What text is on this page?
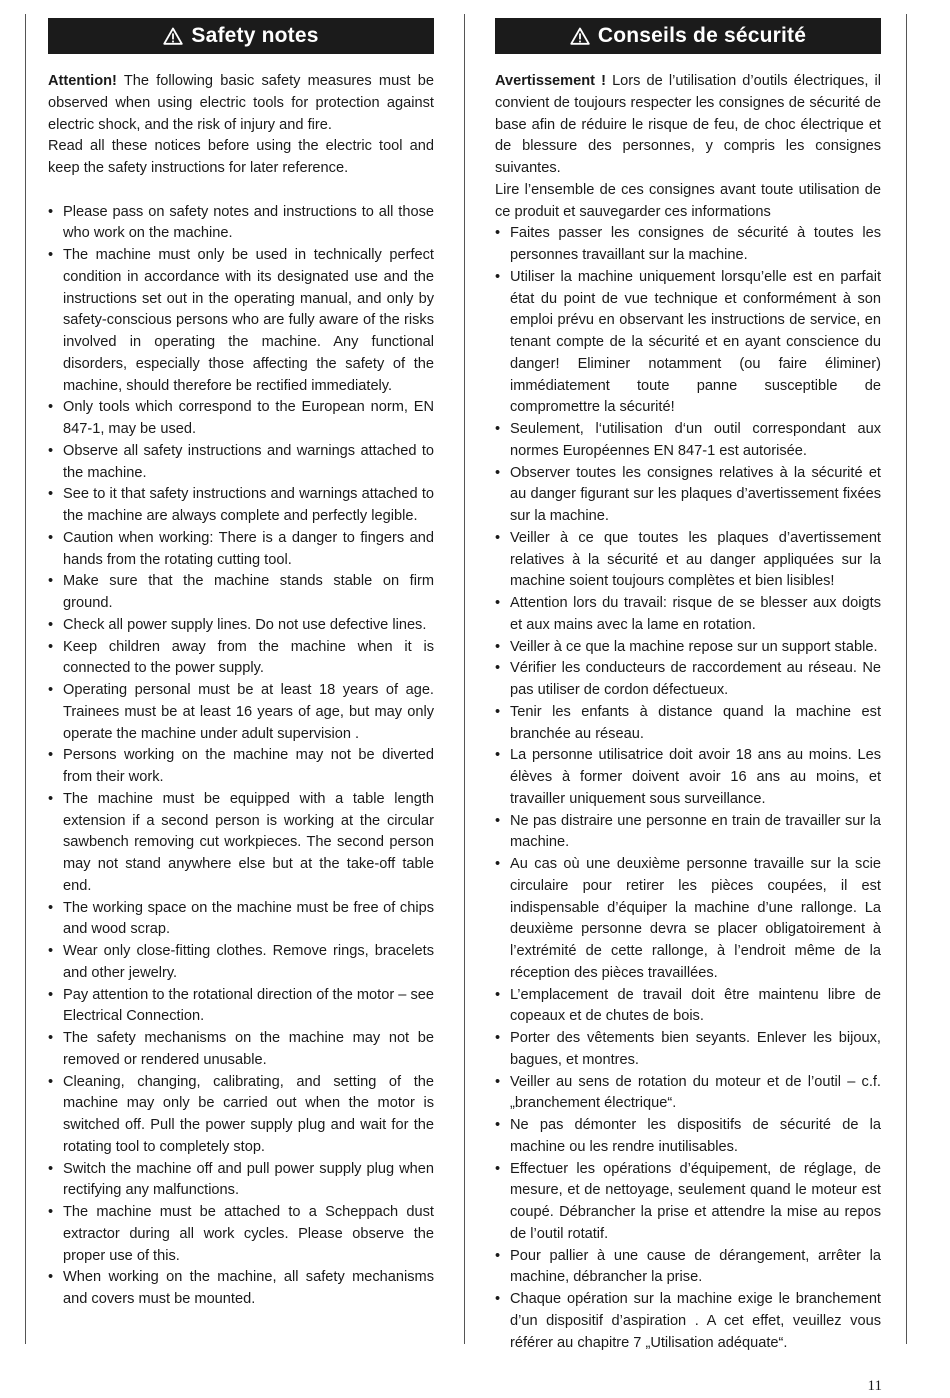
Safety notes

Attention! The following basic safety measures must be observed when using electric tools for protection against electric shock, and the risk of injury and fire.

Read all these notices before using the electric tool and keep the safety instructions for later reference.

• Please pass on safety notes and instructions to all those who work on the machine.
• The machine must only be used in technically perfect condition in accordance with its designated use and the instructions set out in the operating manual, and only by safety-conscious persons who are fully aware of the risks involved in operating the machine. Any functional disorders, especially those affecting the safety of the machine, should therefore be rectified immediately.
• Only tools which correspond to the European norm, EN 847-1, may be used.
• Observe all safety instructions and warnings attached to the machine.
• See to it that safety instructions and warnings attached to the machine are always complete and perfectly legible.
• Caution when working: There is a danger to fingers and hands from the rotating cutting tool.
• Make sure that the machine stands stable on firm ground.
• Check all power supply lines. Do not use defective lines.
• Keep children away from the machine when it is connected to the power supply.
• Operating personal must be at least 18 years of age. Trainees must be at least 16 years of age, but may only operate the machine under adult supervision .
• Persons working on the machine may not be diverted from their work.
• The machine must be equipped with a table length extension if a second person is working at the circular sawbench removing cut workpieces. The second person may not stand anywhere else but at the take-off table end.
• The working space on the machine must be free of chips and wood scrap.
• Wear only close-fitting clothes. Remove rings, bracelets and other jewelry.
• Pay attention to the rotational direction of the motor – see Electrical Connection.
• The safety mechanisms on the machine may not be removed or rendered unusable.
• Cleaning, changing, calibrating, and setting of the machine may only be carried out when the motor is switched off. Pull the power supply plug and wait for the rotating tool to completely stop.
• Switch the machine off and pull power supply plug when rectifying any malfunctions.
• The machine must be attached to a Scheppach dust extractor during all work cycles. Please observe the proper use of this.
• When working on the machine, all safety mechanisms and covers must be mounted.
Conseils de sécurité

Avertissement ! Lors de l’utilisation d’outils électriques, il convient de toujours respecter les consignes de sécurité de base afin de réduire le risque de feu, de choc électrique et de blessure des personnes, y compris les consignes suivantes.

Lire l’ensemble de ces consignes avant toute utilisation de ce produit et sauvegarder ces informations

• Faites passer les consignes de sécurité à toutes les personnes travaillant sur la machine.
• Utiliser la machine uniquement lorsqu’elle est en parfait état du point de vue technique et conformément à son emploi prévu en observant les instructions de service, en tenant compte de la sécurité et en ayant conscience du danger! Eliminer notamment (ou faire éliminer) immédiatement toute panne susceptible de compromettre la sécurité!
• Seulement, l‘utilisation d‘un outil correspondant aux normes Européennes EN 847-1 est autorisée.
• Observer toutes les consignes relatives à la sécurité et au danger figurant sur les plaques d’avertissement fixées sur la machine.
• Veiller à ce que toutes les plaques d’avertissement relatives à la sécurité et au danger appliquées sur la machine soient toujours complètes et bien lisibles!
• Attention lors du travail: risque de se blesser aux doigts et aux mains avec la lame en rotation.
• Veiller à ce que la machine repose sur un support stable.
• Vérifier les conducteurs de raccordement au réseau. Ne pas utiliser de cordon défectueux.
• Tenir les enfants à distance quand la machine est branchée au réseau.
• La personne utilisatrice doit avoir 18 ans au moins. Les élèves à former doivent avoir 16 ans au moins, et travailler uniquement sous surveillance.
• Ne pas distraire une personne en train de travailler sur la machine.
• Au cas où une deuxième personne travaille sur la scie circulaire pour retirer les pièces coupées, il est indispensable d’équiper la machine d’une rallonge. La deuxième personne devra se placer obligatoirement à l’extrémité de cette rallonge, à l’endroit même de la réception des pièces travaillées.
• L’emplacement de travail doit être maintenu libre de copeaux et de chutes de bois.
• Porter des vêtements bien seyants. Enlever les bijoux, bagues, et montres.
• Veiller au sens de rotation du moteur et de l’outil – c.f. „branchement électrique“.
• Ne pas démonter les dispositifs de sécurité de la machine ou les rendre inutilisables.
• Effectuer les opérations d’équipement, de réglage, de mesure, et de nettoyage, seulement quand le moteur est coupé. Débrancher la prise et attendre la mise au repos de l’outil rotatif.
• Pour pallier à une cause de dérangement, arrêter la machine, débrancher la prise.
• Chaque opération sur la machine exige le branchement d’un dispositif d’aspiration . A cet effet, veuillez vous référer au chapitre 7 „Utilisation adéquate“.
11
